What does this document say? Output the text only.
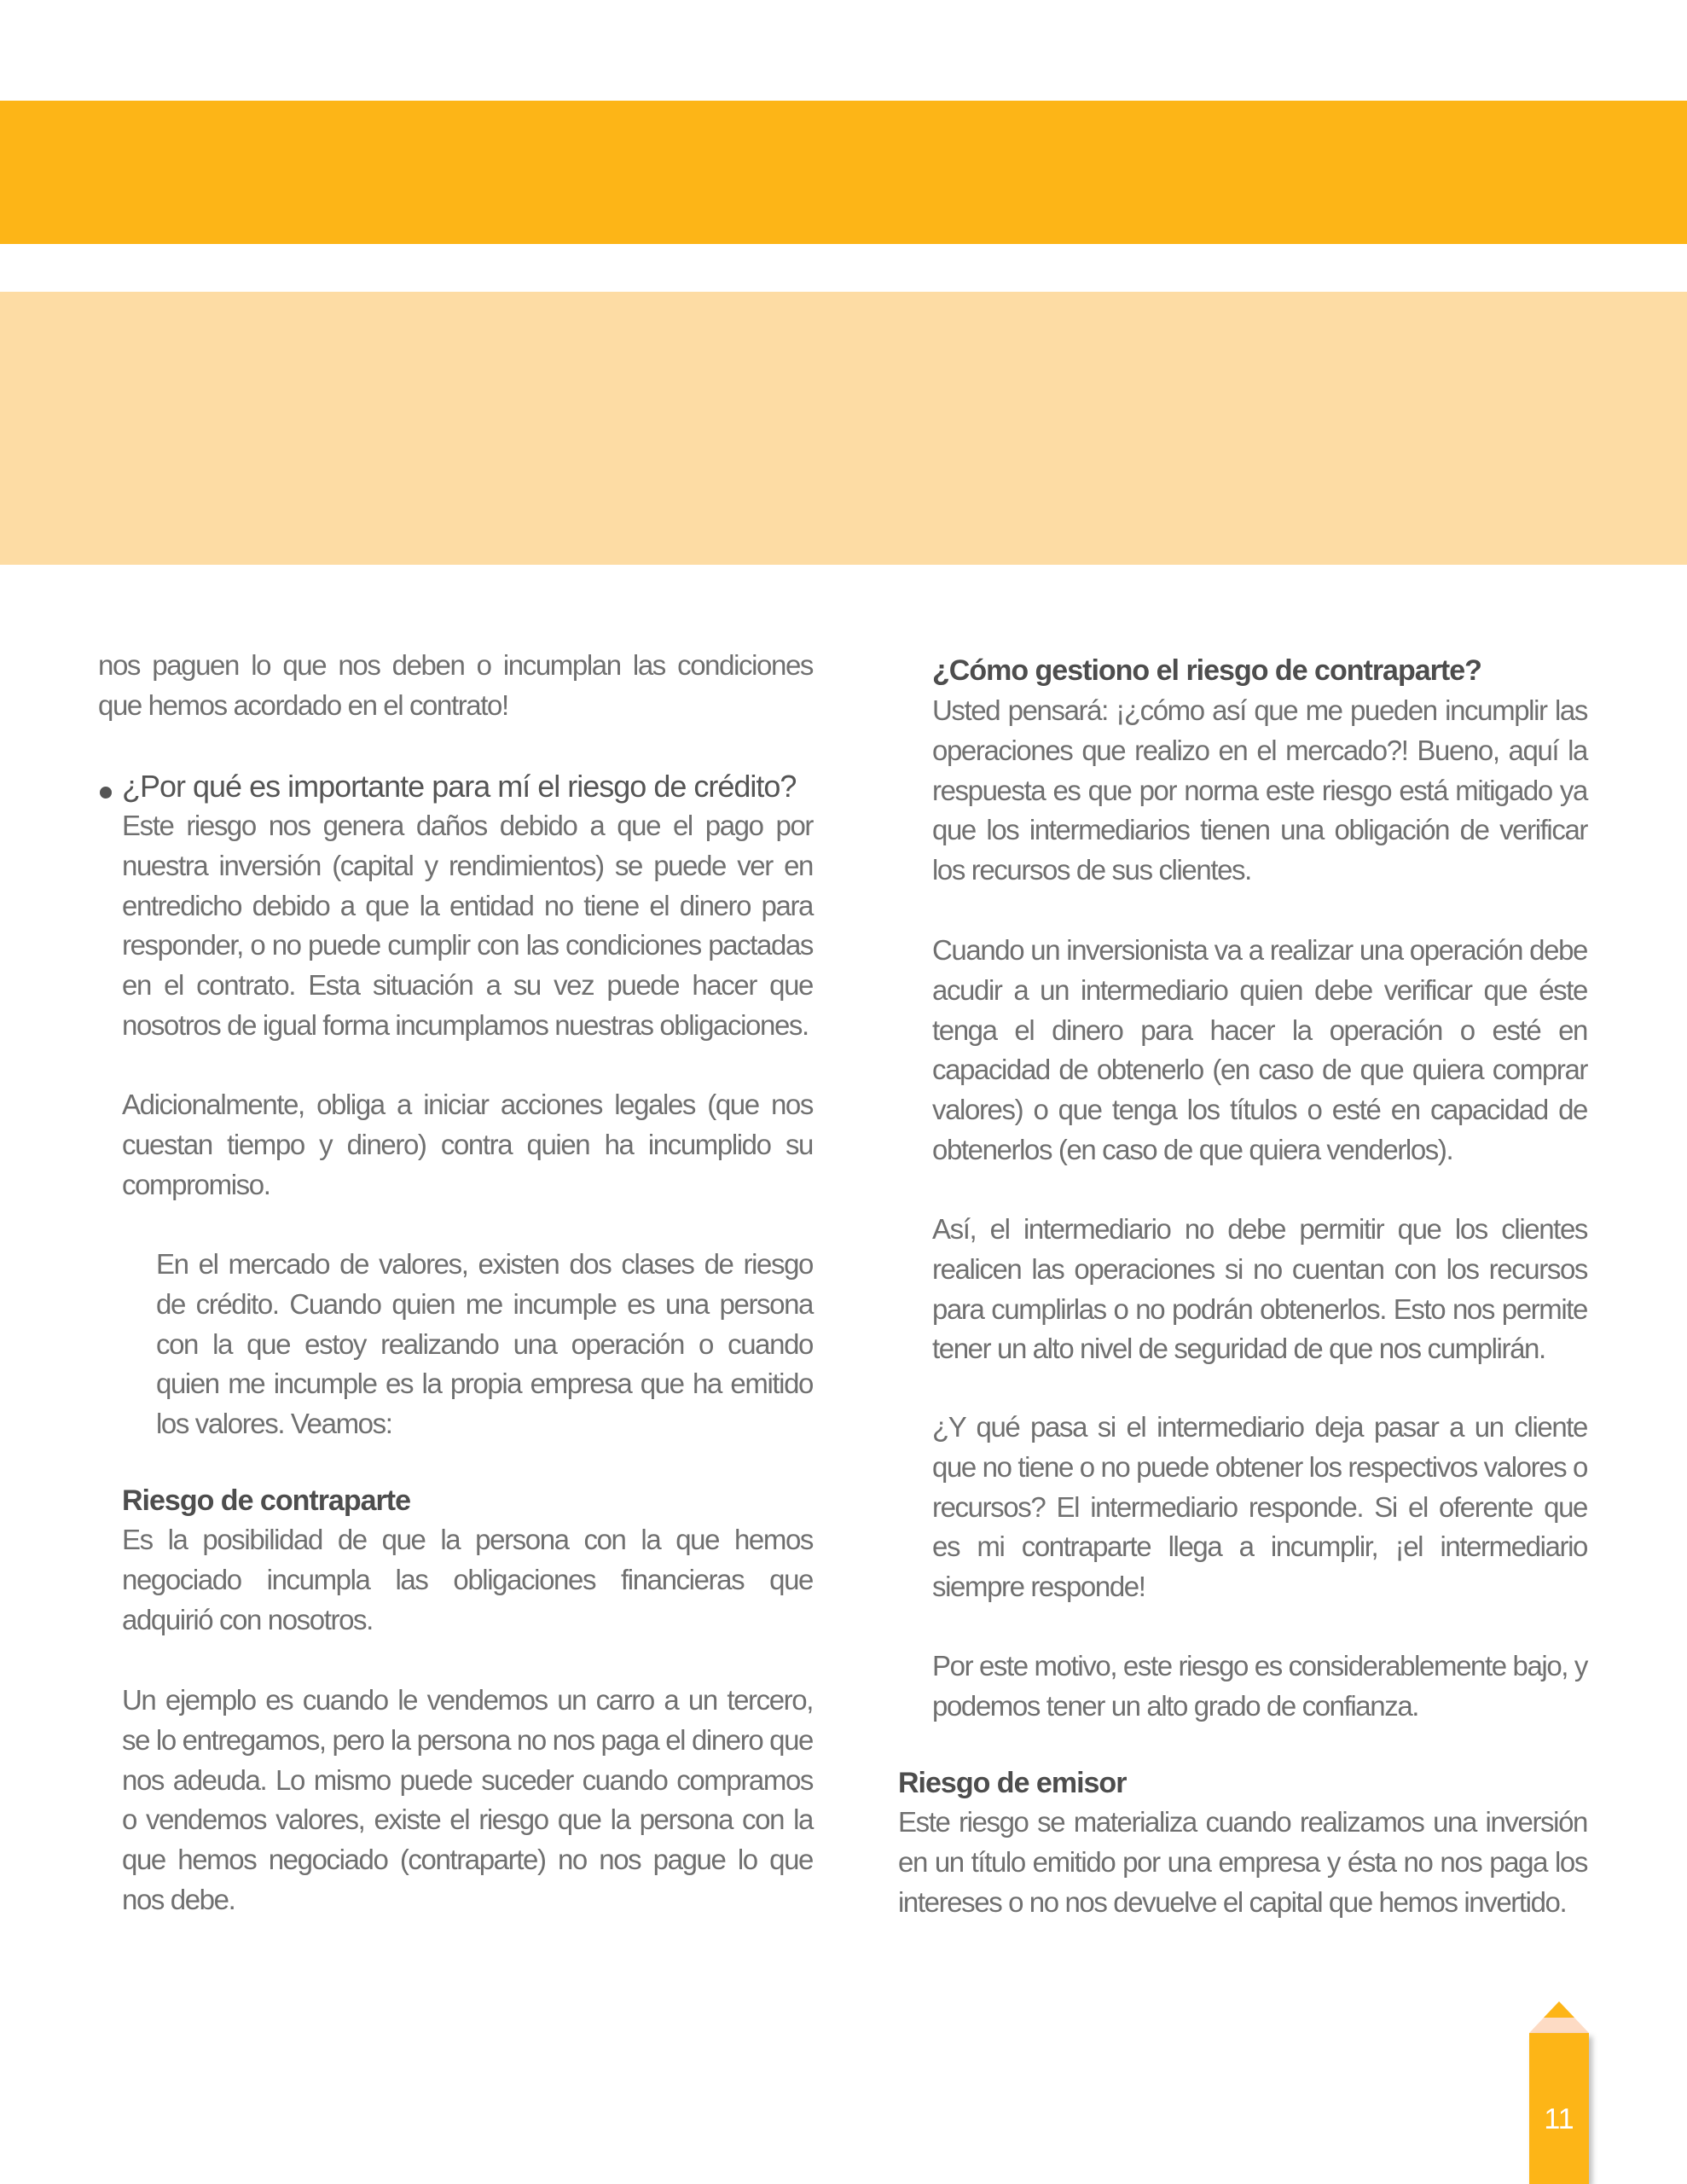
nos paguen lo que nos deben o incumplan las condiciones que hemos acordado en el contrato!

¿Por qué es importante para mí el riesgo de crédito?

Este riesgo nos genera daños debido a que el pago por nuestra inversión (capital y rendimientos) se puede ver en entredicho debido a que la entidad no tiene el dinero para responder, o no puede cumplir con las condiciones pactadas en el contrato. Esta situación a su vez puede hacer que nosotros de igual forma incumplamos nuestras obligaciones.

Adicionalmente, obliga a iniciar acciones legales (que nos cuestan tiempo y dinero) contra quien ha incumplido su compromiso.

En el mercado de valores, existen dos clases de riesgo de crédito. Cuando quien me incumple es una persona con la que estoy realizando una operación o cuando quien me incumple es la propia empresa que ha emitido los valores. Veamos:

Riesgo de contraparte

Es la posibilidad de que la persona con la que hemos negociado incumpla las obligaciones financieras que adquirió con nosotros.

Un ejemplo es cuando le vendemos un carro a un tercero, se lo entregamos, pero la persona no nos paga el dinero que nos adeuda. Lo mismo puede suceder cuando compramos o vendemos valores, existe el riesgo que la persona con la que hemos negociado (contraparte) no nos pague lo que nos debe.

¿Cómo gestiono el riesgo de contraparte?

Usted pensará: ¡¿cómo así que me pueden incumplir las operaciones que realizo en el mercado?! Bueno, aquí la respuesta es que por norma este riesgo está mitigado ya que los intermediarios tienen una obligación de verificar los recursos de sus clientes.

Cuando un inversionista va a realizar una operación debe acudir a un intermediario quien debe verificar que éste tenga el dinero para hacer la operación o esté en capacidad de obtenerlo (en caso de que quiera comprar valores) o que tenga los títulos o esté en capacidad de obtenerlos (en caso de que quiera venderlos).

Así, el intermediario no debe permitir que los clientes realicen las operaciones si no cuentan con los recursos para cumplirlas o no podrán obtenerlos. Esto nos permite tener un alto nivel de seguridad de que nos cumplirán.

¿Y qué pasa si el intermediario deja pasar a un cliente que no tiene o no puede obtener los respectivos valores o recursos? El intermediario responde. Si el oferente que es mi contraparte llega a incumplir, ¡el intermediario siempre responde!

Por este motivo, este riesgo es considerablemente bajo, y podemos tener un alto grado de confianza.

Riesgo de emisor

Este riesgo se materializa cuando realizamos una inversión en un título emitido por una empresa y ésta no nos paga los intereses o no nos devuelve el capital que hemos invertido.

11
